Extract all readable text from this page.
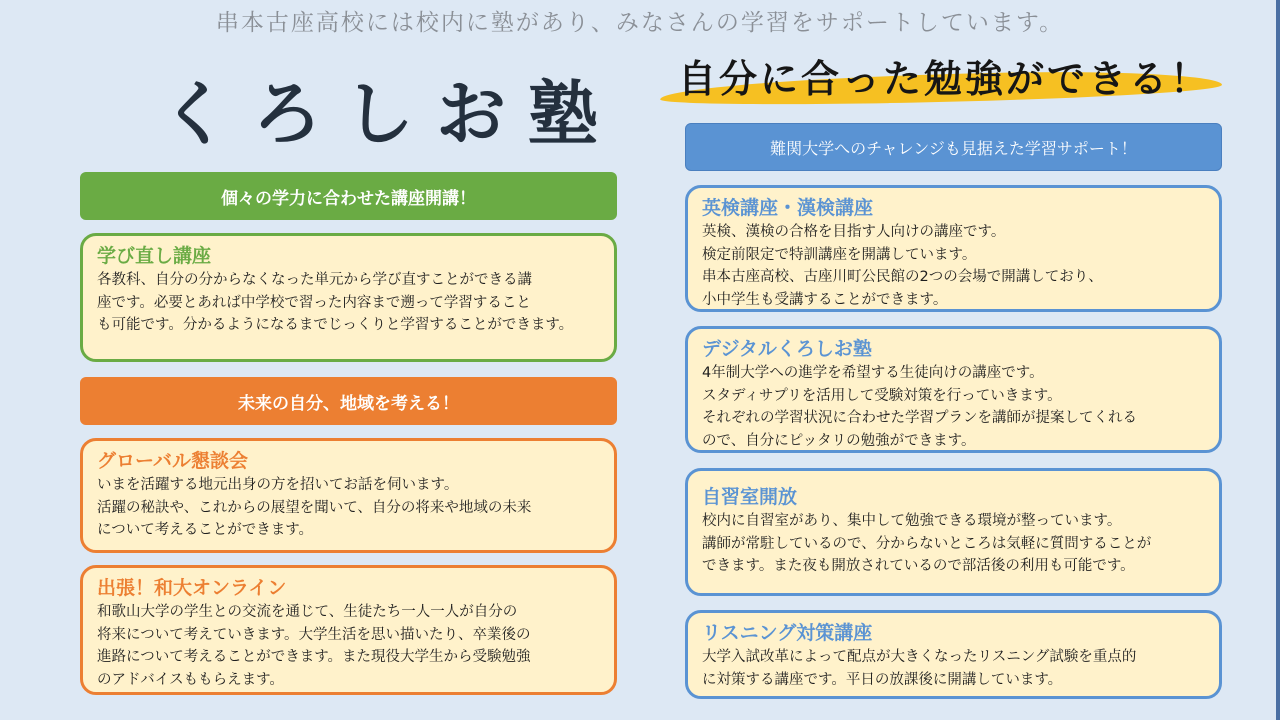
串本古座高校には校内に塾があり、みなさんの学習をサポートしています。
くろしお塾 自分に合った勉強ができる！
個々の学力に合わせた講座開講！
学び直し講座
各教科、自分の分からなくなった単元から学び直すことができる講
座です。必要とあれば中学校で習った内容まで遡って学習すること
も可能です。分かるようになるまでじっくりと学習することができます。
未来の自分、地域を考える！
グローバル懇談会
いまを活躍する地元出身の方を招いてお話を伺います。
活躍の秘訣や、これからの展望を聞いて、自分の将来や地域の未来
について考えることができます。
出張！和大オンライン
和歌山大学の学生との交流を通じて、生徒たち一人一人が自分の
将来について考えていきます。大学生活を思い描いたり、卒業後の
進路について考えることができます。また現役大学生から受験勉強
のアドバイスももらえます。
難関大学へのチャレンジも見据えた学習サポート！
英検講座・漢検講座
英検、漢検の合格を目指す人向けの講座です。
検定前限定で特訓講座を開講しています。
串本古座高校、古座川町公民館の2つの会場で開講しており、
小中学生も受講することができます。
デジタルくろしお塾
4年制大学への進学を希望する生徒向けの講座です。
スタディサプリを活用して受験対策を行っていきます。
それぞれの学習状況に合わせた学習プランを講師が提案してくれる
ので、自分にピッタリの勉強ができます。
自習室開放
校内に自習室があり、集中して勉強できる環境が整っています。
講師が常駐しているので、分からないところは気軽に質問することが
できます。また夜も開放されているので部活後の利用も可能です。
リスニング対策講座
大学入試改革によって配点が大きくなったリスニング試験を重点的
に対策する講座です。平日の放課後に開講しています。
